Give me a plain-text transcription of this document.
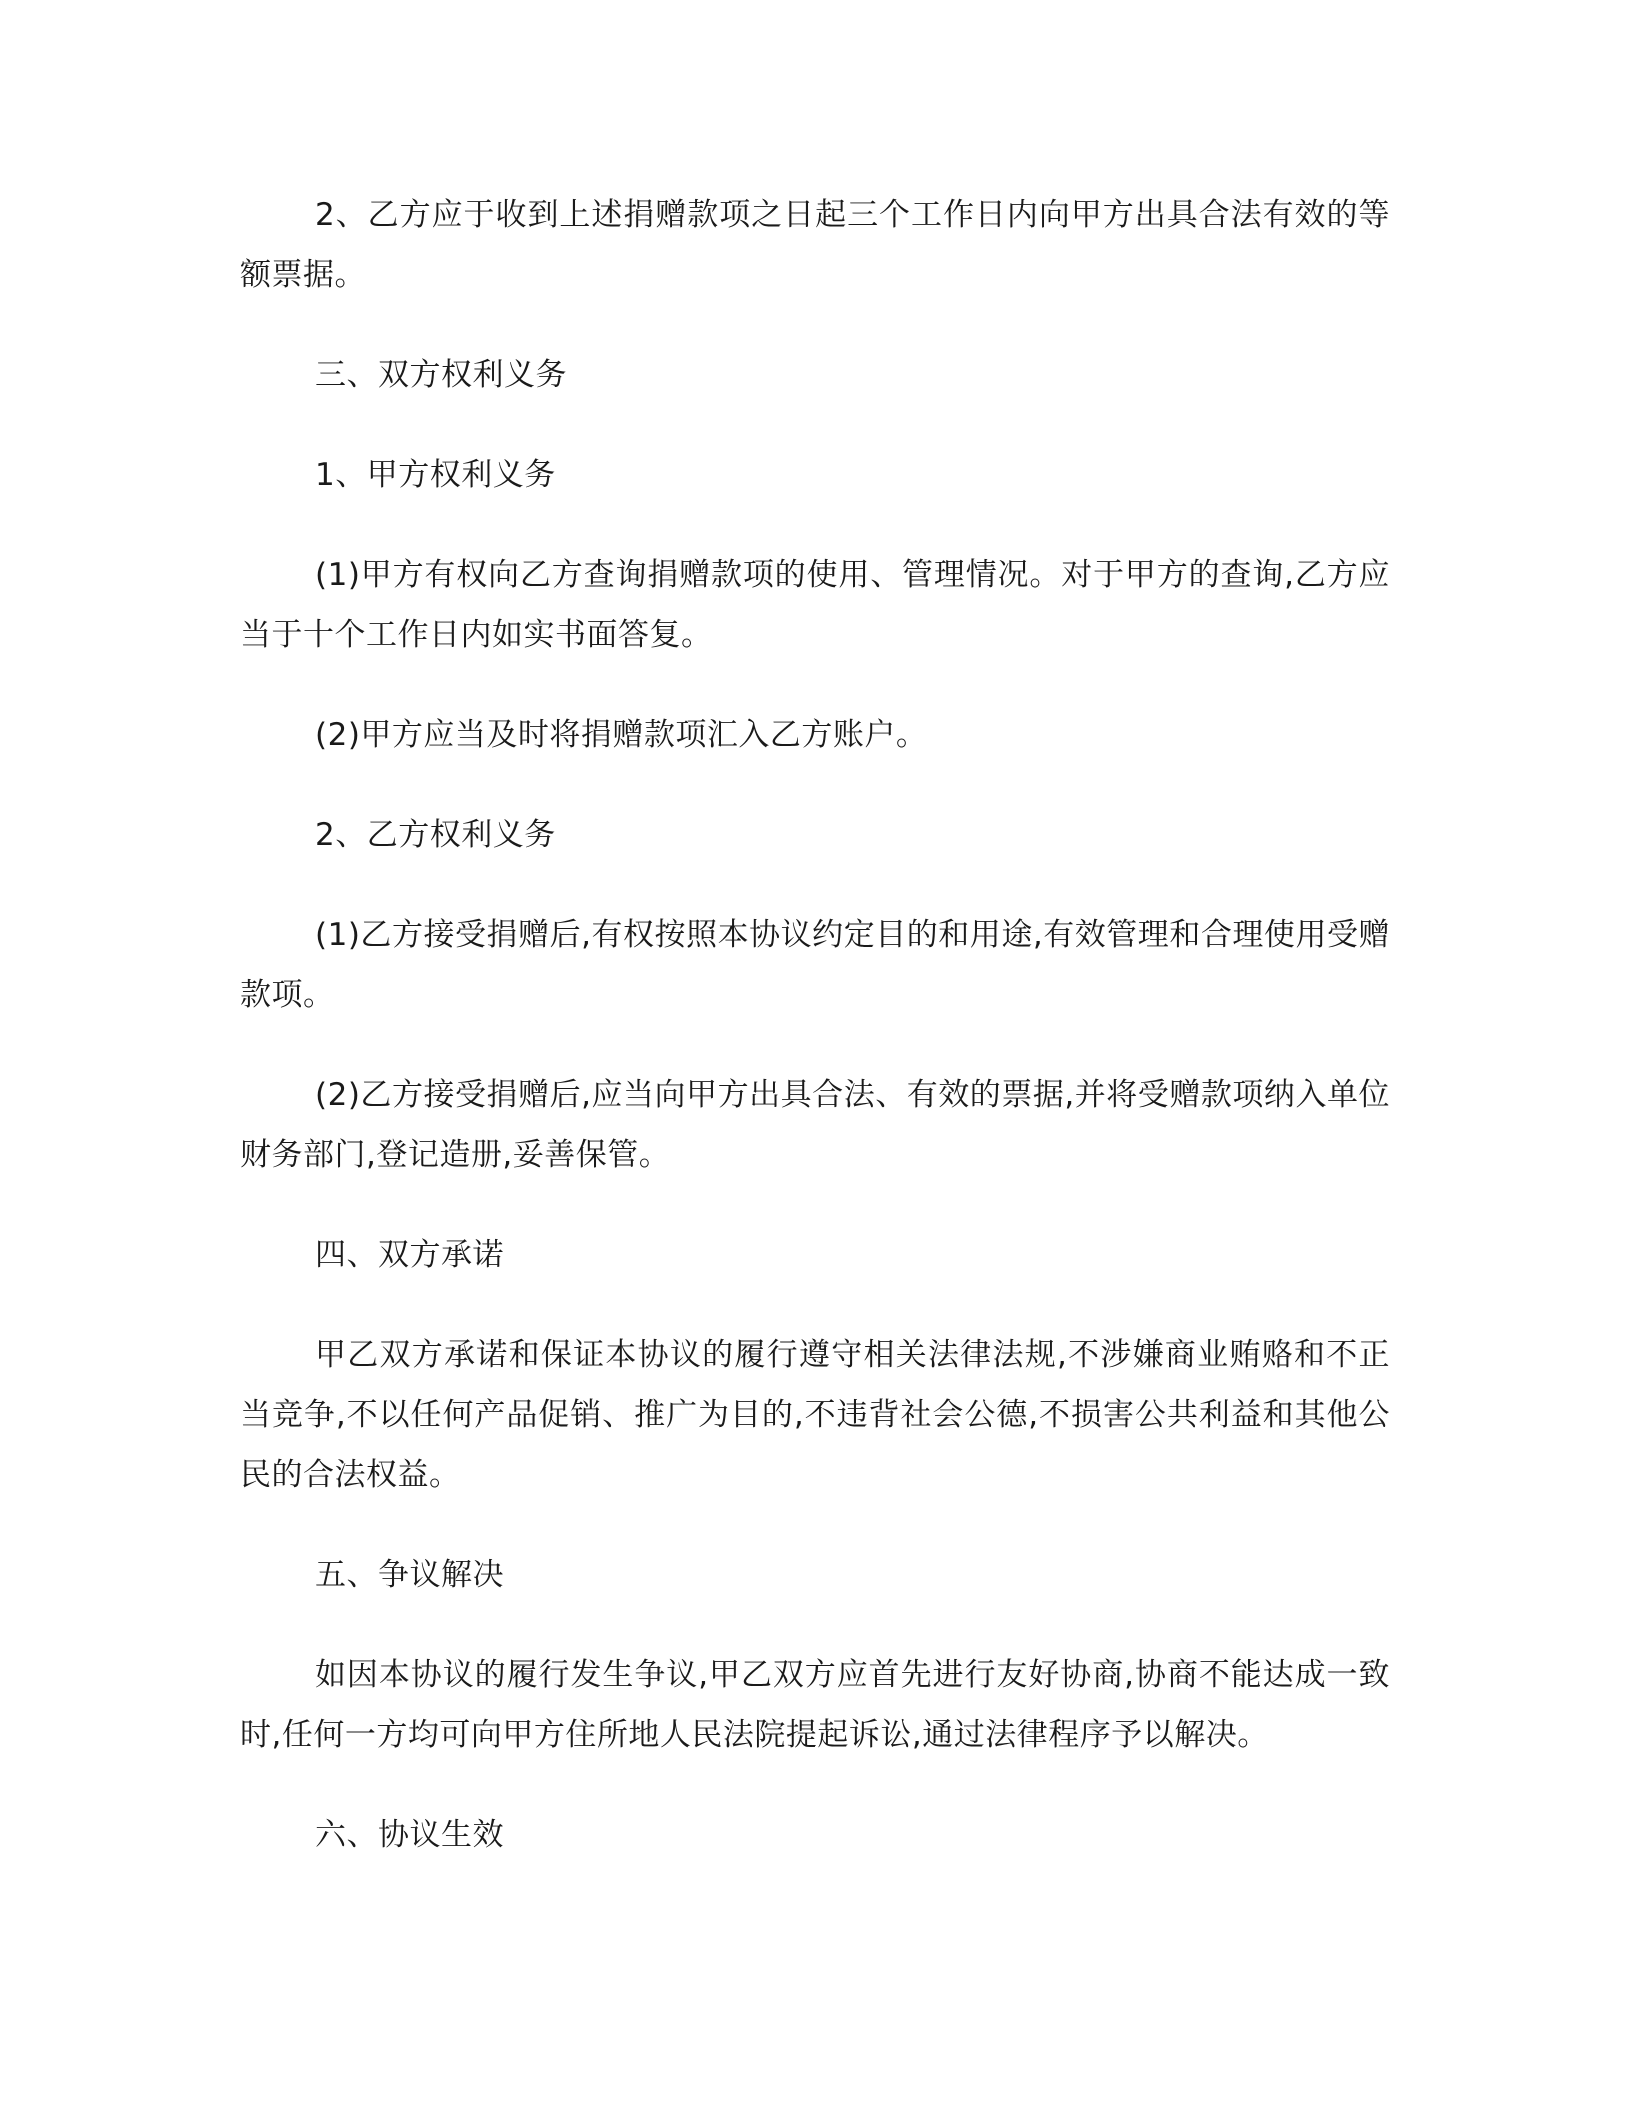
2、乙方应于收到上述捐赠款项之日起三个工作日内向甲方出具合法有效的等额票据。

三、双方权利义务

1、甲方权利义务

(1)甲方有权向乙方查询捐赠款项的使用、管理情况。对于甲方的查询,乙方应当于十个工作日内如实书面答复。

(2)甲方应当及时将捐赠款项汇入乙方账户。

2、乙方权利义务

(1)乙方接受捐赠后,有权按照本协议约定目的和用途,有效管理和合理使用受赠款项。

(2)乙方接受捐赠后,应当向甲方出具合法、有效的票据,并将受赠款项纳入单位财务部门,登记造册,妥善保管。

四、双方承诺

甲乙双方承诺和保证本协议的履行遵守相关法律法规,不涉嫌商业贿赂和不正当竞争,不以任何产品促销、推广为目的,不违背社会公德,不损害公共利益和其他公民的合法权益。

五、争议解决

如因本协议的履行发生争议,甲乙双方应首先进行友好协商,协商不能达成一致时,任何一方均可向甲方住所地人民法院提起诉讼,通过法律程序予以解决。

六、协议生效
